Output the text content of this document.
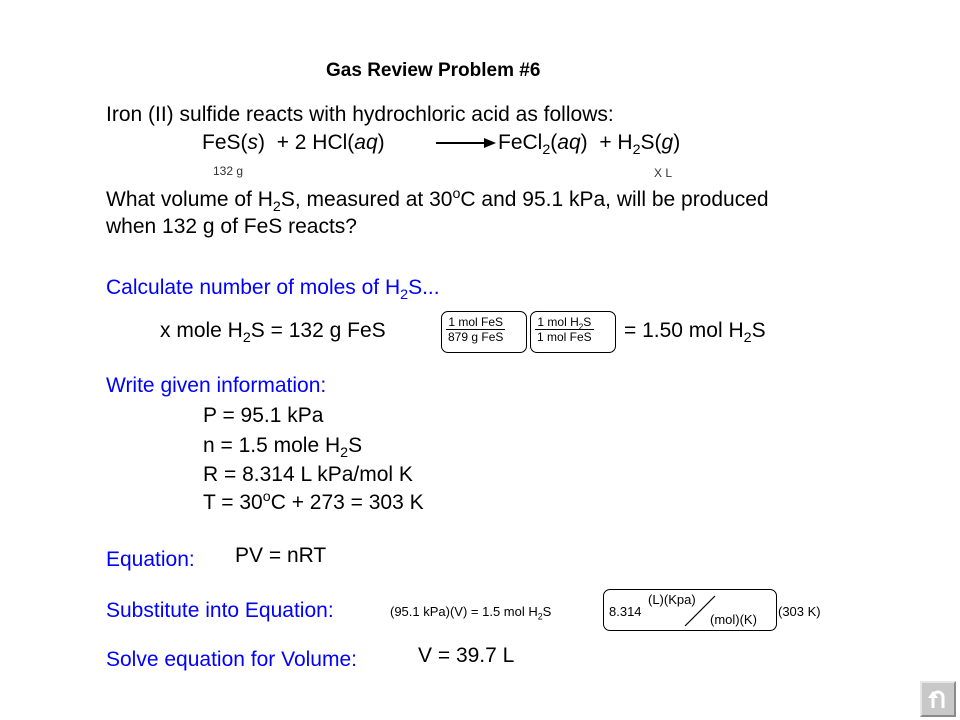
Gas Review Problem #6
Iron (II) sulfide reacts with hydrochloric acid as follows:
FeS(s)  + 2 HCl(aq)	→ FeCl$_2$(aq)  + $H_2S(g)$
132 g	X L
What volume of $H_2S$, measured at 30$^o$C and 95.1 kPa, will be produced
when 132 g of FeS reacts?
Calculate number of moles of $H_2S$...
x mole $H_2S = 132$ g FeS	1 mol FeS
879 g FeS
1 mol $H_2S$
1 mol FeS = 1.50 mol $H_2S$
Write given information:
P = 95.1 kPa
n = 1.5 mole $H_2S$
R = 8.314 L kPa/mol K
$T = 30^oC + 273 = 303$ K
Equation: PV = nRT
Substitute into Equation:	(95.1 kPa)(V) = 1.5 mol $H_2S$	8.314
(L)(Kpa)
(mol)(K)
(303 K)
Solve equation for Volume:	V = 39.7 L
